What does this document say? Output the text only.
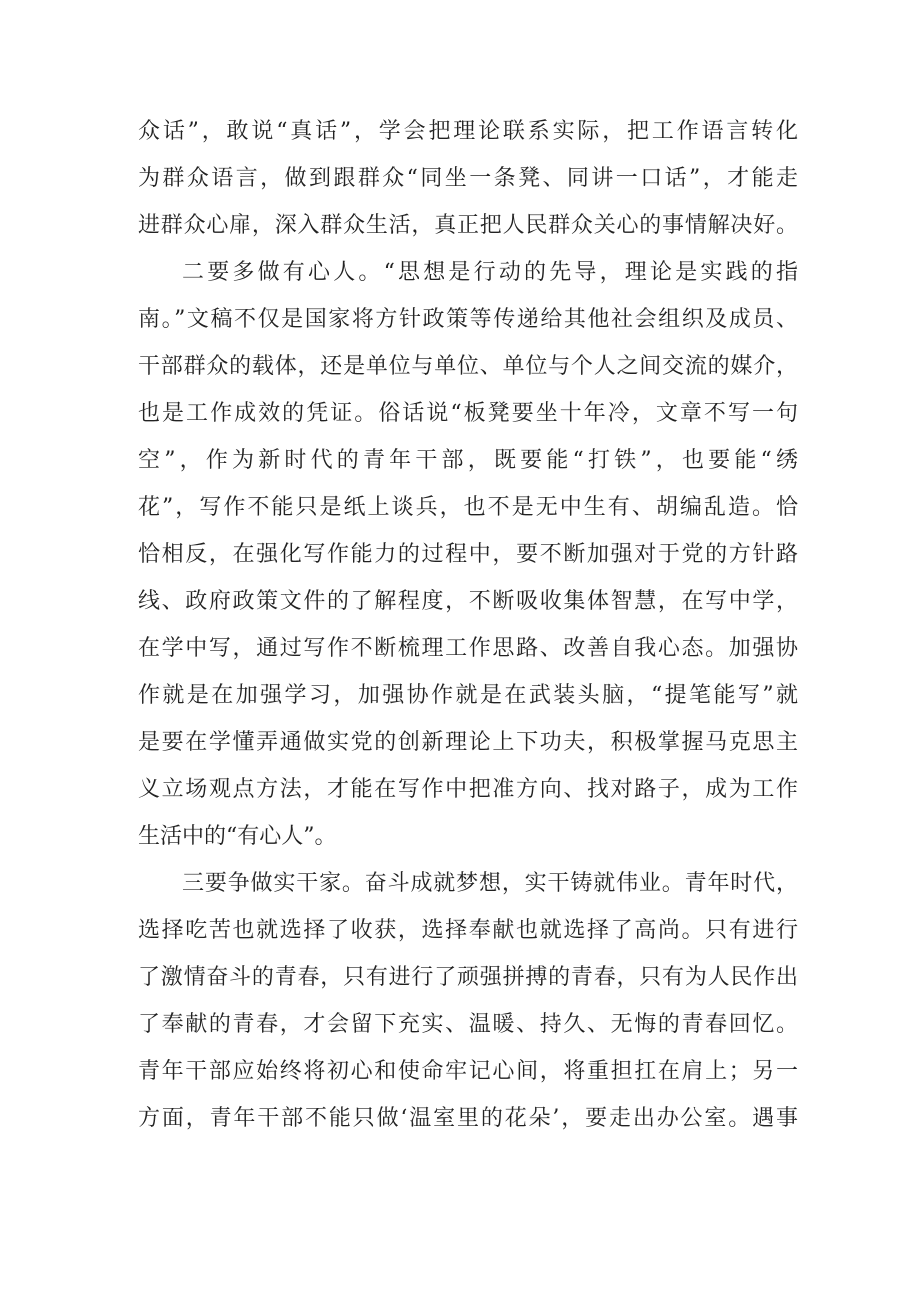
众话”，敢说“真话”，学会把理论联系实际，把工作语言转化
为群众语言，做到跟群众“同坐一条凳、同讲一口话”，才能走
进群众心扉，深入群众生活，真正把人民群众关心的事情解决好。
二要多做有心人。“思想是行动的先导，理论是实践的指
南。”文稿不仅是国家将方针政策等传递给其他社会组织及成员、
干部群众的载体，还是单位与单位、单位与个人之间交流的媒介，
也是工作成效的凭证。俗话说“板凳要坐十年冷，文章不写一句
空”，作为新时代的青年干部，既要能“打铁”，也要能“绣
花”，写作不能只是纸上谈兵，也不是无中生有、胡编乱造。恰
恰相反，在强化写作能力的过程中，要不断加强对于党的方针路
线、政府政策文件的了解程度，不断吸收集体智慧，在写中学，
在学中写，通过写作不断梳理工作思路、改善自我心态。加强协
作就是在加强学习，加强协作就是在武装头脑，“提笔能写”就
是要在学懂弄通做实党的创新理论上下功夫，积极掌握马克思主
义立场观点方法，才能在写作中把准方向、找对路子，成为工作
生活中的“有心人”。
三要争做实干家。奋斗成就梦想，实干铸就伟业。青年时代，
选择吃苦也就选择了收获，选择奉献也就选择了高尚。只有进行
了激情奋斗的青春，只有进行了顽强拼搏的青春，只有为人民作出
了奉献的青春，才会留下充实、温暖、持久、无悔的青春回忆。
青年干部应始终将初心和使命牢记心间，将重担扛在肩上；另一
方面，青年干部不能只做‘温室里的花朵’，要走出办公室。遇事
